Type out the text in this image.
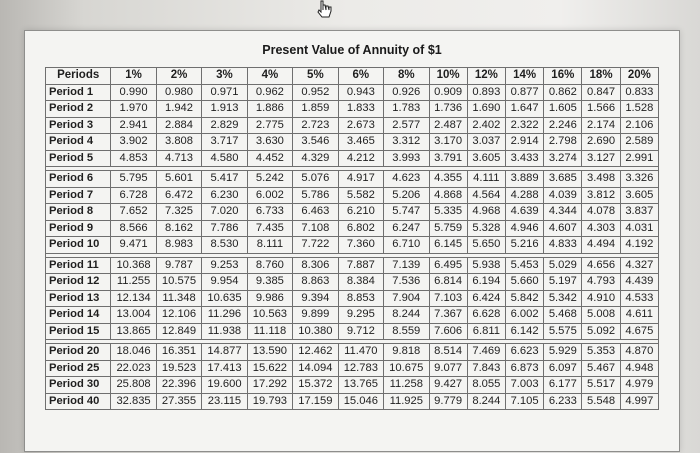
Present Value of Annuity of $1
Periods	1%	2%	3%	4%	5%	6%	8%	10%	12%	14%	16%	18%	20%
Period 1	0.990	0.980	0.971	0.962	0.952	0.943	0.926	0.909	0.893	0.877	0.862	0.847	0.833
Period 2	1.970	1.942	1.913	1.886	1.859	1.833	1.783	1.736	1.690	1.647	1.605	1.566	1.528
Period 3	2.941	2.884	2.829	2.775	2.723	2.673	2.577	2.487	2.402	2.322	2.246	2.174	2.106
Period 4	3.902	3.808	3.717	3.630	3.546	3.465	3.312	3.170	3.037	2.914	2.798	2.690	2.589
Period 5	4.853	4.713	4.580	4.452	4.329	4.212	3.993	3.791	3.605	3.433	3.274	3.127	2.991

Period 6	5.795	5.601	5.417	5.242	5.076	4.917	4.623	4.355	4.111	3.889	3.685	3.498	3.326
Period 7	6.728	6.472	6.230	6.002	5.786	5.582	5.206	4.868	4.564	4.288	4.039	3.812	3.605
Period 8	7.652	7.325	7.020	6.733	6.463	6.210	5.747	5.335	4.968	4.639	4.344	4.078	3.837
Period 9	8.566	8.162	7.786	7.435	7.108	6.802	6.247	5.759	5.328	4.946	4.607	4.303	4.031
Period 10	9.471	8.983	8.530	8.111	7.722	7.360	6.710	6.145	5.650	5.216	4.833	4.494	4.192

Period 11	10.368	9.787	9.253	8.760	8.306	7.887	7.139	6.495	5.938	5.453	5.029	4.656	4.327
Period 12	11.255	10.575	9.954	9.385	8.863	8.384	7.536	6.814	6.194	5.660	5.197	4.793	4.439
Period 13	12.134	11.348	10.635	9.986	9.394	8.853	7.904	7.103	6.424	5.842	5.342	4.910	4.533
Period 14	13.004	12.106	11.296	10.563	9.899	9.295	8.244	7.367	6.628	6.002	5.468	5.008	4.611
Period 15	13.865	12.849	11.938	11.118	10.380	9.712	8.559	7.606	6.811	6.142	5.575	5.092	4.675

Period 20	18.046	16.351	14.877	13.590	12.462	11.470	9.818	8.514	7.469	6.623	5.929	5.353	4.870
Period 25	22.023	19.523	17.413	15.622	14.094	12.783	10.675	9.077	7.843	6.873	6.097	5.467	4.948
Period 30	25.808	22.396	19.600	17.292	15.372	13.765	11.258	9.427	8.055	7.003	6.177	5.517	4.979
Period 40	32.835	27.355	23.115	19.793	17.159	15.046	11.925	9.779	8.244	7.105	6.233	5.548	4.997
